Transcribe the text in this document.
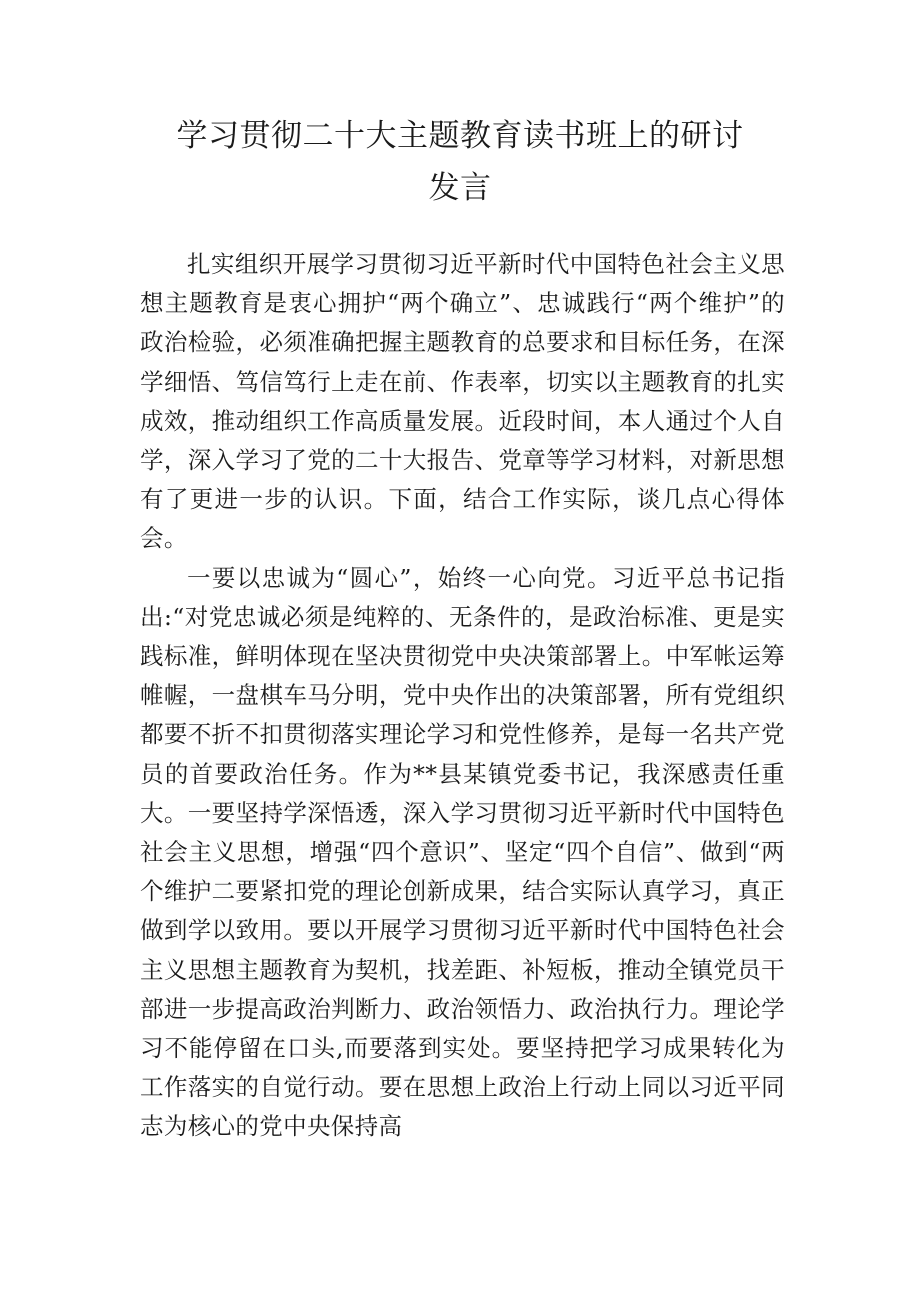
学习贯彻二十大主题教育读书班上的研讨
发言

扎实组织开展学习贯彻习近平新时代中国特色社会主义思想主题教育是衷心拥护“两个确立”、忠诚践行“两个维护”的政治检验，必须准确把握主题教育的总要求和目标任务，在深学细悟、笃信笃行上走在前、作表率，切实以主题教育的扎实成效，推动组织工作高质量发展。近段时间，本人通过个人自学，深入学习了党的二十大报告、党章等学习材料，对新思想有了更进一步的认识。下面，结合工作实际，谈几点心得体会。

一要以忠诚为“圆心”，始终一心向党。习近平总书记指出:“对党忠诚必须是纯粹的、无条件的，是政治标准、更是实践标准，鲜明体现在坚决贯彻党中央决策部署上。中军帐运筹帷幄，一盘棋车马分明，党中央作出的决策部署，所有党组织都要不折不扣贯彻落实理论学习和党性修养，是每一名共产党员的首要政治任务。作为**县某镇党委书记，我深感责任重大。一要坚持学深悟透，深入学习贯彻习近平新时代中国特色社会主义思想，增强“四个意识”、坚定“四个自信”、做到“两个维护二要紧扣党的理论创新成果，结合实际认真学习，真正做到学以致用。要以开展学习贯彻习近平新时代中国特色社会主义思想主题教育为契机，找差距、补短板，推动全镇党员干部进一步提高政治判断力、政治领悟力、政治执行力。理论学习不能停留在口头,而要落到实处。要坚持把学习成果转化为工作落实的自觉行动。要在思想上政治上行动上同以习近平同志为核心的党中央保持高
